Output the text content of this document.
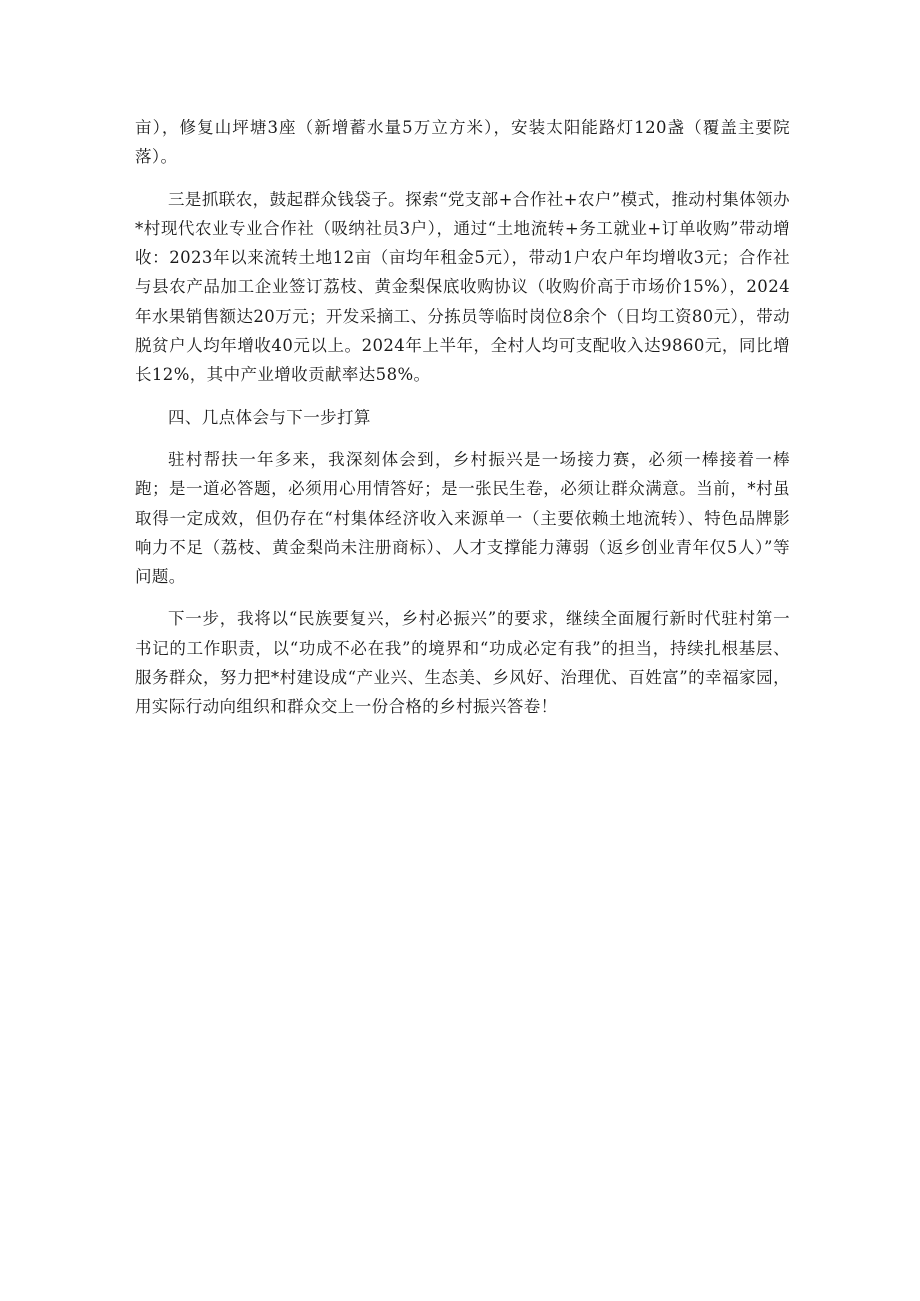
亩），修复山坪塘3座（新增蓄水量5万立方米），安装太阳能路灯120盏（覆盖主要院落）。

三是抓联农，鼓起群众钱袋子。探索“党支部+合作社+农户”模式，推动村集体领办*村现代农业专业合作社（吸纳社员3户），通过“土地流转+务工就业+订单收购”带动增收：2023年以来流转土地12亩（亩均年租金5元），带动1户农户年均增收3元；合作社与县农产品加工企业签订荔枝、黄金梨保底收购协议（收购价高于市场价15%），2024年水果销售额达20万元；开发采摘工、分拣员等临时岗位8余个（日均工资80元），带动脱贫户人均年增收40元以上。2024年上半年，全村人均可支配收入达9860元，同比增长12%，其中产业增收贡献率达58%。

四、几点体会与下一步打算

驻村帮扶一年多来，我深刻体会到，乡村振兴是一场接力赛，必须一棒接着一棒跑；是一道必答题，必须用心用情答好；是一张民生卷，必须让群众满意。当前，*村虽取得一定成效，但仍存在“村集体经济收入来源单一（主要依赖土地流转）、特色品牌影响力不足（荔枝、黄金梨尚未注册商标）、人才支撑能力薄弱（返乡创业青年仅5人）”等问题。

下一步，我将以“民族要复兴，乡村必振兴”的要求，继续全面履行新时代驻村第一书记的工作职责，以“功成不必在我”的境界和“功成必定有我”的担当，持续扎根基层、服务群众，努力把*村建设成“产业兴、生态美、乡风好、治理优、百姓富”的幸福家园，用实际行动向组织和群众交上一份合格的乡村振兴答卷！
